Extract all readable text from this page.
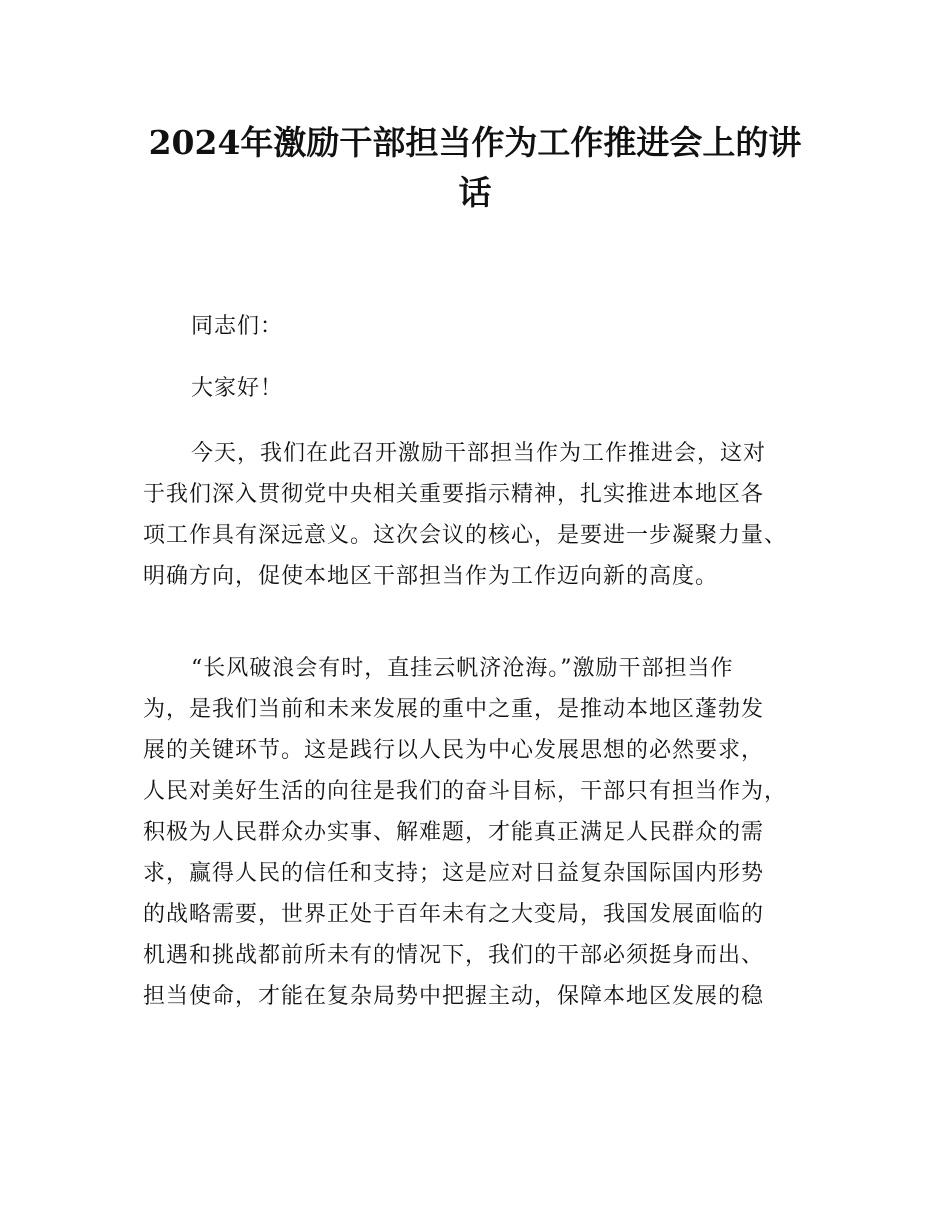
2024年激励干部担当作为工作推进会上的讲
话

同志们：

大家好！

今天，我们在此召开激励干部担当作为工作推进会，这对
于我们深入贯彻党中央相关重要指示精神，扎实推进本地区各
项工作具有深远意义。这次会议的核心，是要进一步凝聚力量、
明确方向，促使本地区干部担当作为工作迈向新的高度。

“长风破浪会有时，直挂云帆济沧海。”激励干部担当作
为，是我们当前和未来发展的重中之重，是推动本地区蓬勃发
展的关键环节。这是践行以人民为中心发展思想的必然要求，
人民对美好生活的向往是我们的奋斗目标，干部只有担当作为，
积极为人民群众办实事、解难题，才能真正满足人民群众的需
求，赢得人民的信任和支持；这是应对日益复杂国际国内形势
的战略需要，世界正处于百年未有之大变局，我国发展面临的
机遇和挑战都前所未有的情况下，我们的干部必须挺身而出、
担当使命，才能在复杂局势中把握主动，保障本地区发展的稳
